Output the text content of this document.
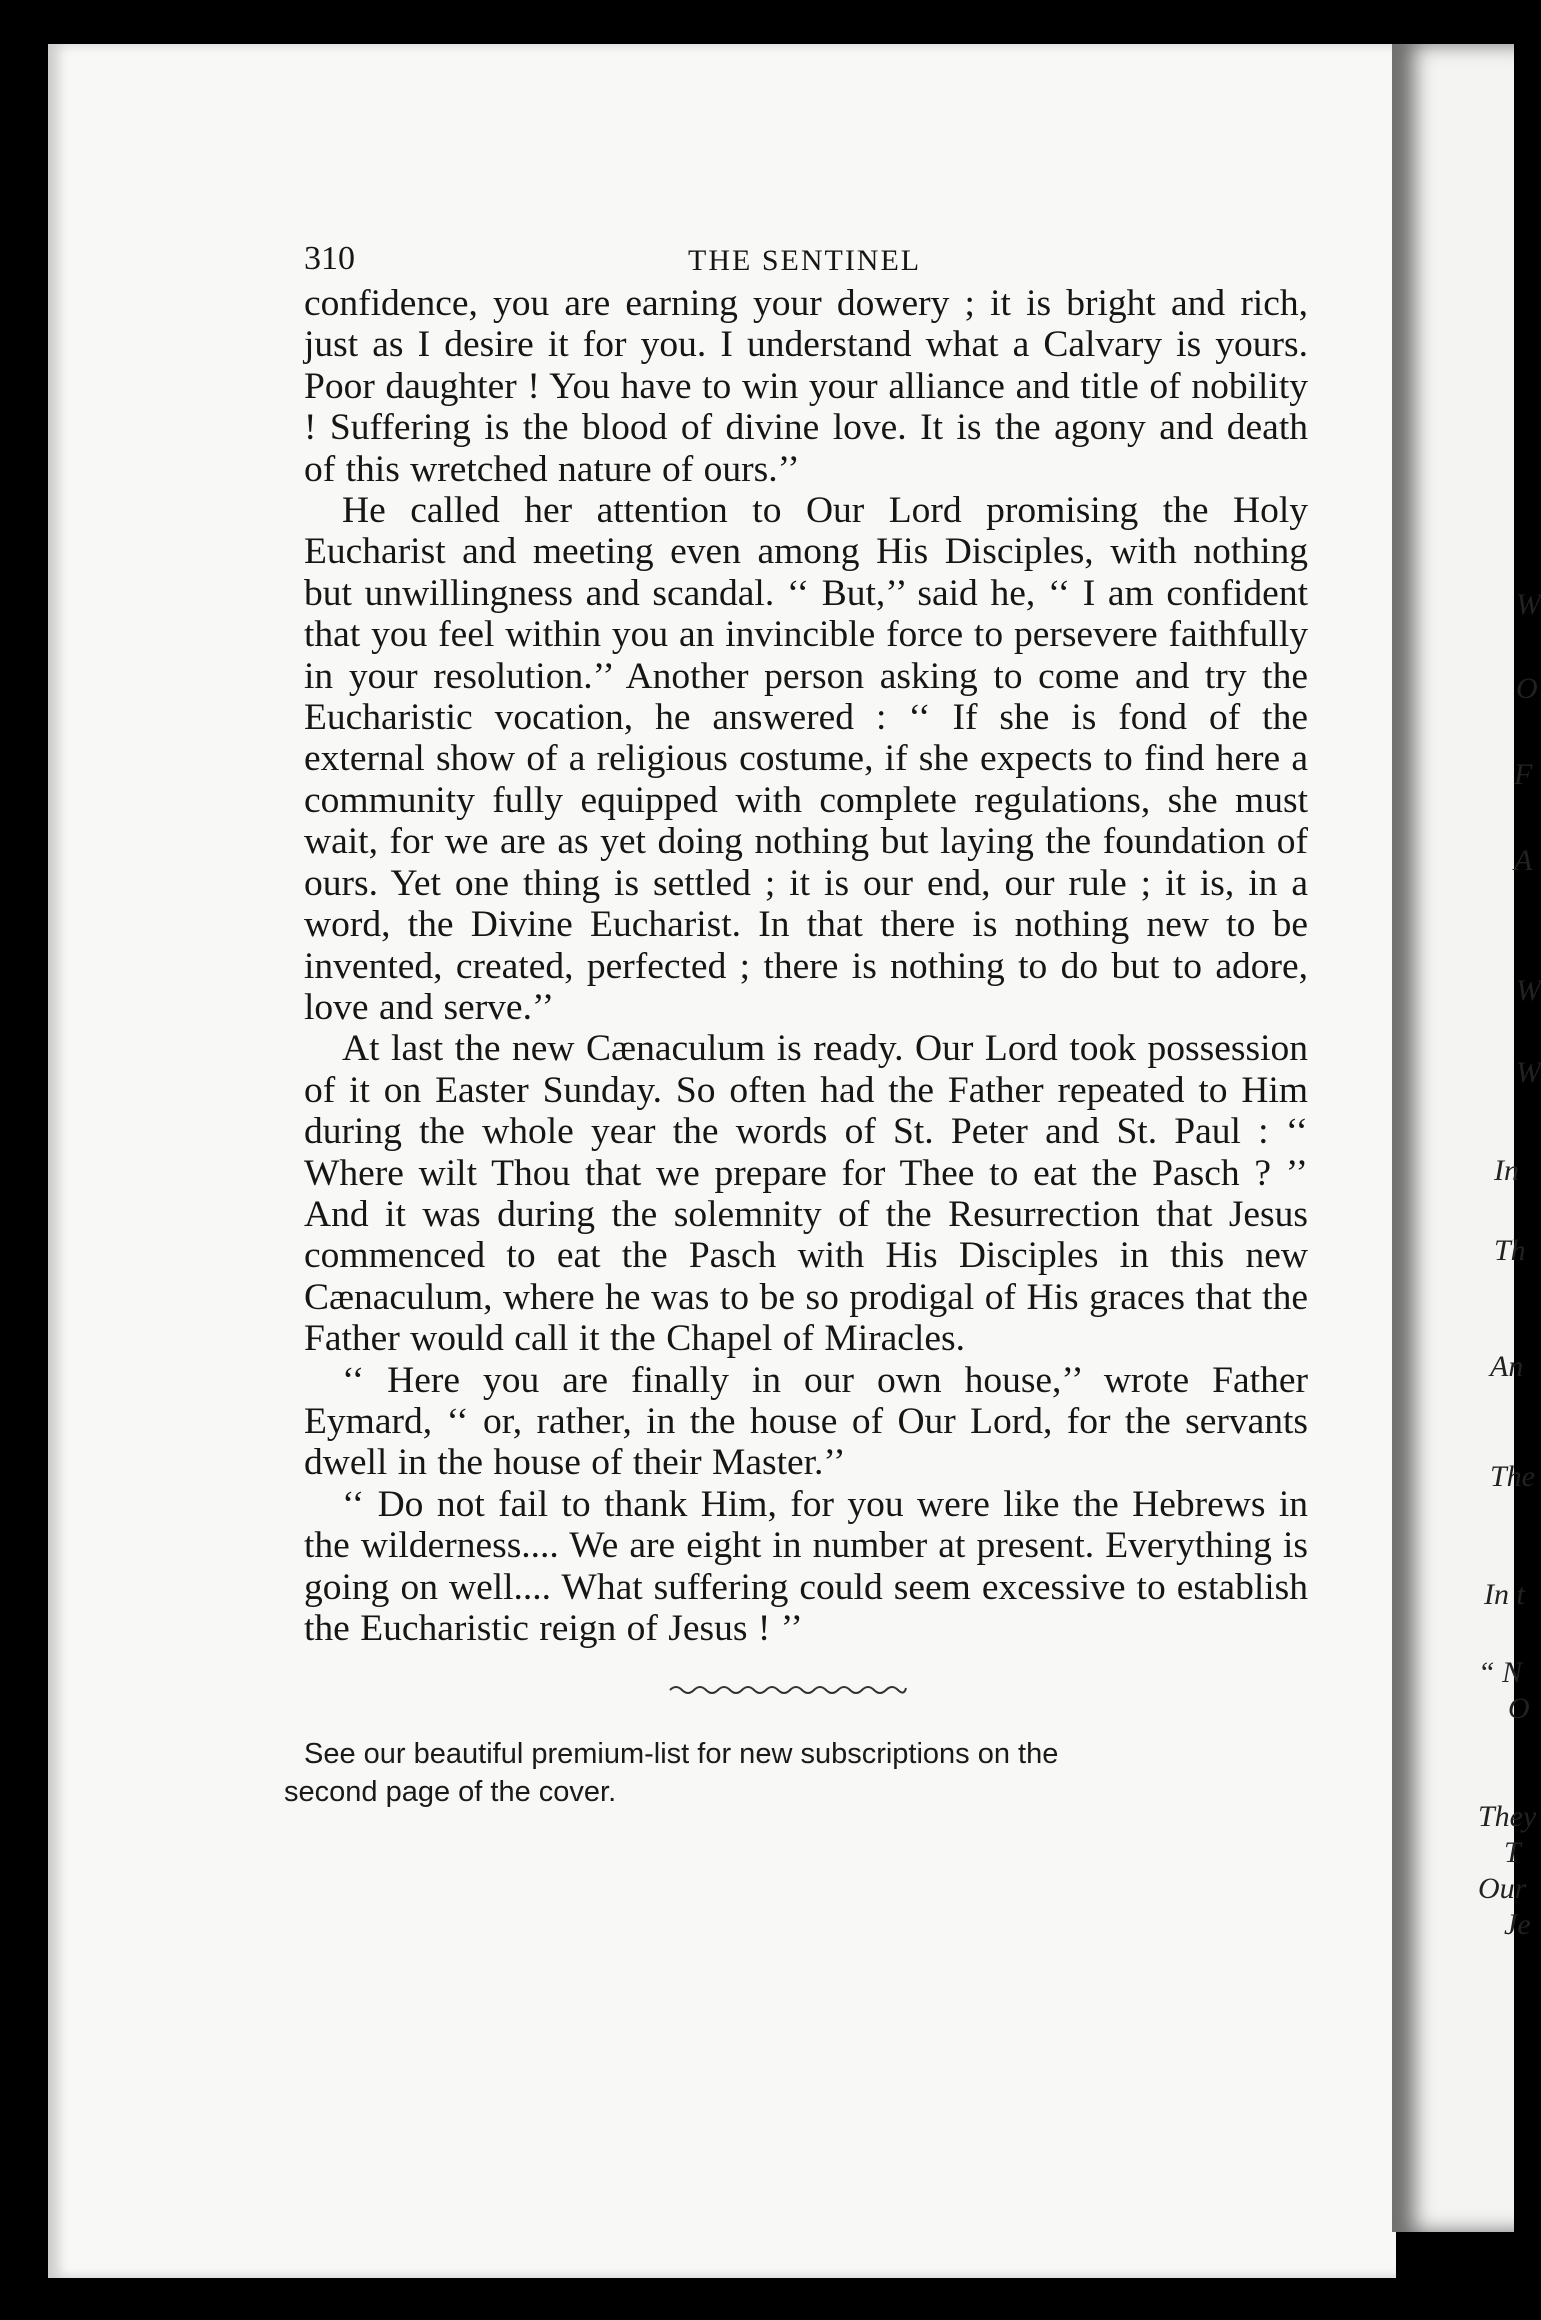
W
O
F
A
W
W
In
Th
An
The
In t
“ N
O
They
T
Our
Je
310	THE SENTINEL

confidence, you are earning your dowery ; it is bright and rich, just as I desire it for you. I understand what a Calvary is yours. Poor daughter ! You have to win your alliance and title of nobility ! Suffering is the blood of divine love. It is the agony and death of this wretched nature of ours.’’

He called her attention to Our Lord promising the Holy Eucharist and meeting even among His Disciples, with nothing but unwillingness and scandal. ‘‘ But,’’ said he, ‘‘ I am confident that you feel within you an invincible force to persevere faithfully in your resolution.’’ Another person asking to come and try the Eucharistic vocation, he answered : ‘‘ If she is fond of the external show of a religious costume, if she expects to find here a community fully equipped with complete regulations, she must wait, for we are as yet doing nothing but laying the foundation of ours. Yet one thing is settled ; it is our end, our rule ; it is, in a word, the Divine Eucharist. In that there is nothing new to be invented, created, perfected ; there is nothing to do but to adore, love and serve.’’

At last the new Cænaculum is ready. Our Lord took possession of it on Easter Sunday. So often had the Father repeated to Him during the whole year the words of St. Peter and St. Paul : ‘‘ Where wilt Thou that we prepare for Thee to eat the Pasch ? ’’ And it was during the solemnity of the Resurrection that Jesus commenced to eat the Pasch with His Disciples in this new Cænaculum, where he was to be so prodigal of His graces that the Father would call it the Chapel of Miracles.

‘‘ Here you are finally in our own house,’’ wrote Father Eymard, ‘‘ or, rather, in the house of Our Lord, for the servants dwell in the house of their Master.’’

‘‘ Do not fail to thank Him, for you were like the Hebrews in the wilderness.... We are eight in number at present. Everything is going on well.... What suffering could seem excessive to establish the Eucharistic reign of Jesus ! ’’

See our beautiful premium-list for new subscriptions on the
second page of the cover.
